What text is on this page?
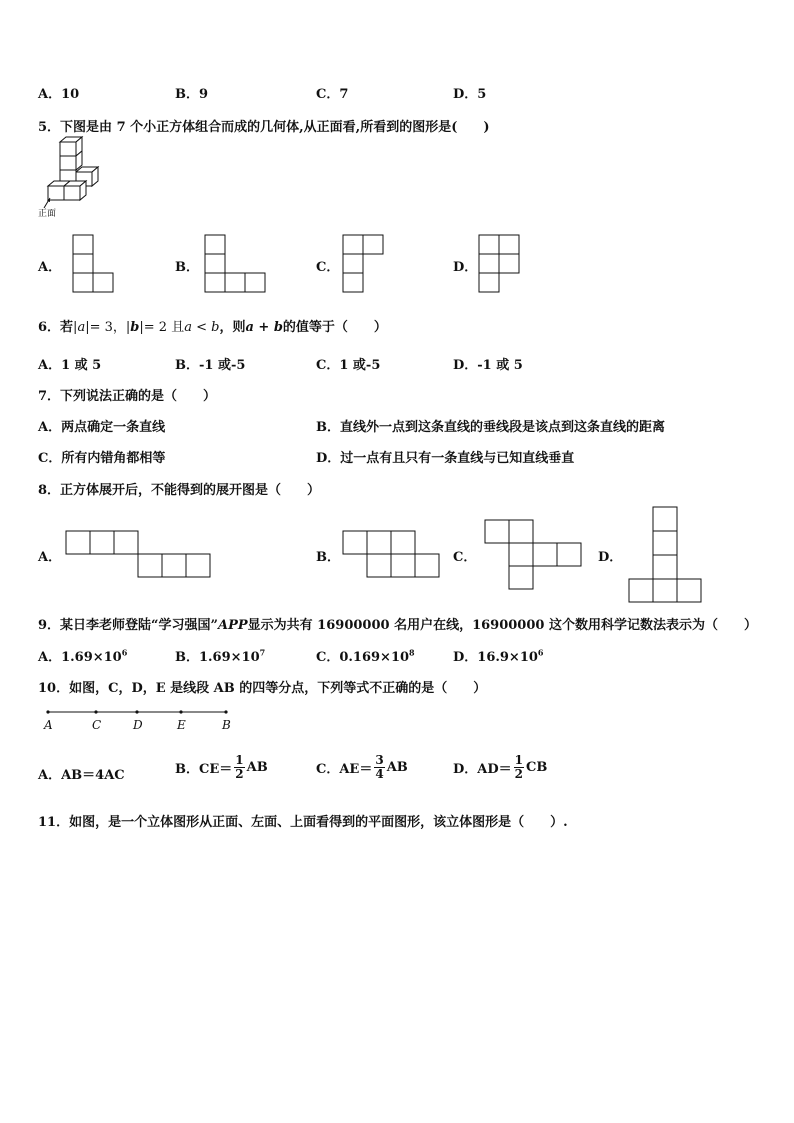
A．10	B．9	C．7	D．5
5．下图是由 7 个小正方体组合而成的几何体,从正面看,所看到的图形是(　　)
正面
A．	B．	C．	D．
6．若|a|= 3，|b|= 2 且a < b，则a + b的值等于（　　）
A．1 或 5	B．-1 或-5	C．1 或-5	D．-1 或 5
7．下列说法正确的是（　　）
A．两点确定一条直线	B．直线外一点到这条直线的垂线段是该点到这条直线的距离
C．所有内错角都相等	D．过一点有且只有一条直线与已知直线垂直
8．正方体展开后，不能得到的展开图是（　　）
A．	B．	C．	D．
9．某日李老师登陆“学习强国”APP显示为共有 16900000 名用户在线，16900000 这个数用科学记数法表示为（　　）
A．$1.69\times 10^6$	B．$1.69\times 10^7$	C．$0.169\times 10^8$	D．$16.9\times 10^6$
10．如图，C，D，E 是线段 AB 的四等分点，下列等式不正确的是（　　）
A	C	D	E	B
A．AB＝4AC	B．$CE= \frac{1}{2}$ AB	C．$AE= \frac{3}{4}$ AB	D．$AD= \frac{1}{2}$ CB
11．如图，是一个立体图形从正面、左面、上面看得到的平面图形，该立体图形是（　　）.
